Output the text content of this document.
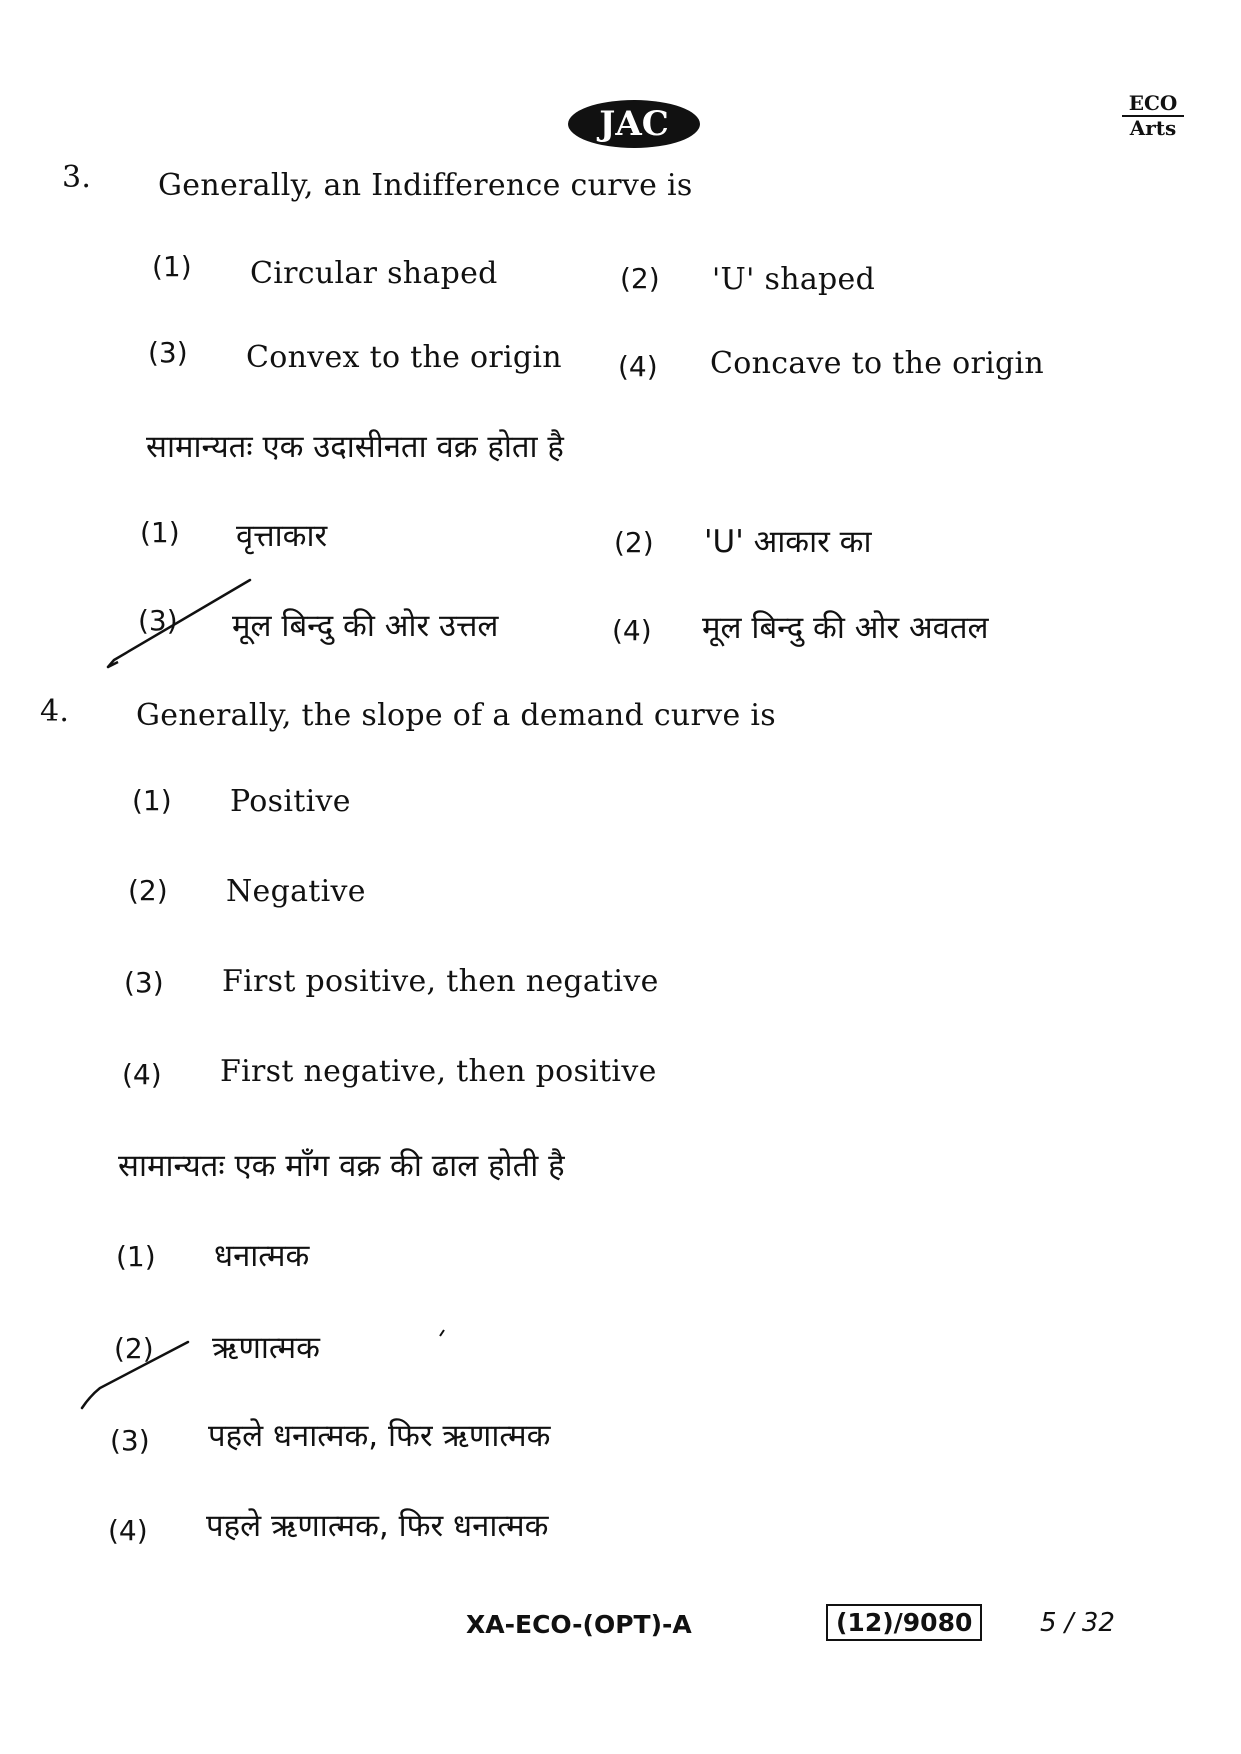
JAC
ECO
Arts
3. Generally, an Indifference curve is
(1) Circular shaped	(2) 'U' shaped
(3) Convex to the origin (4) Concave to the origin
सामान्यतः एक उदासीनता वक्र होता है
(1) वृत्ताकार	(2) 'U' आकार का
(3) मूल बिन्दु की ओर उत्तल	(4) मूल बिन्दु की ओर अवतल
4. Generally, the slope of a demand curve is
(1) Positive
(2) Negative
(3) First positive, then negative
(4) First negative, then positive
सामान्यतः एक माँग वक्र की ढाल होती है
(1) धनात्मक
(2) ऋणात्मक
(3) पहले धनात्मक, फिर ऋणात्मक
(4) पहले ऋणात्मक, फिर धनात्मक
XA-ECO-(OPT)-A	(12)/9080	5 / 32
